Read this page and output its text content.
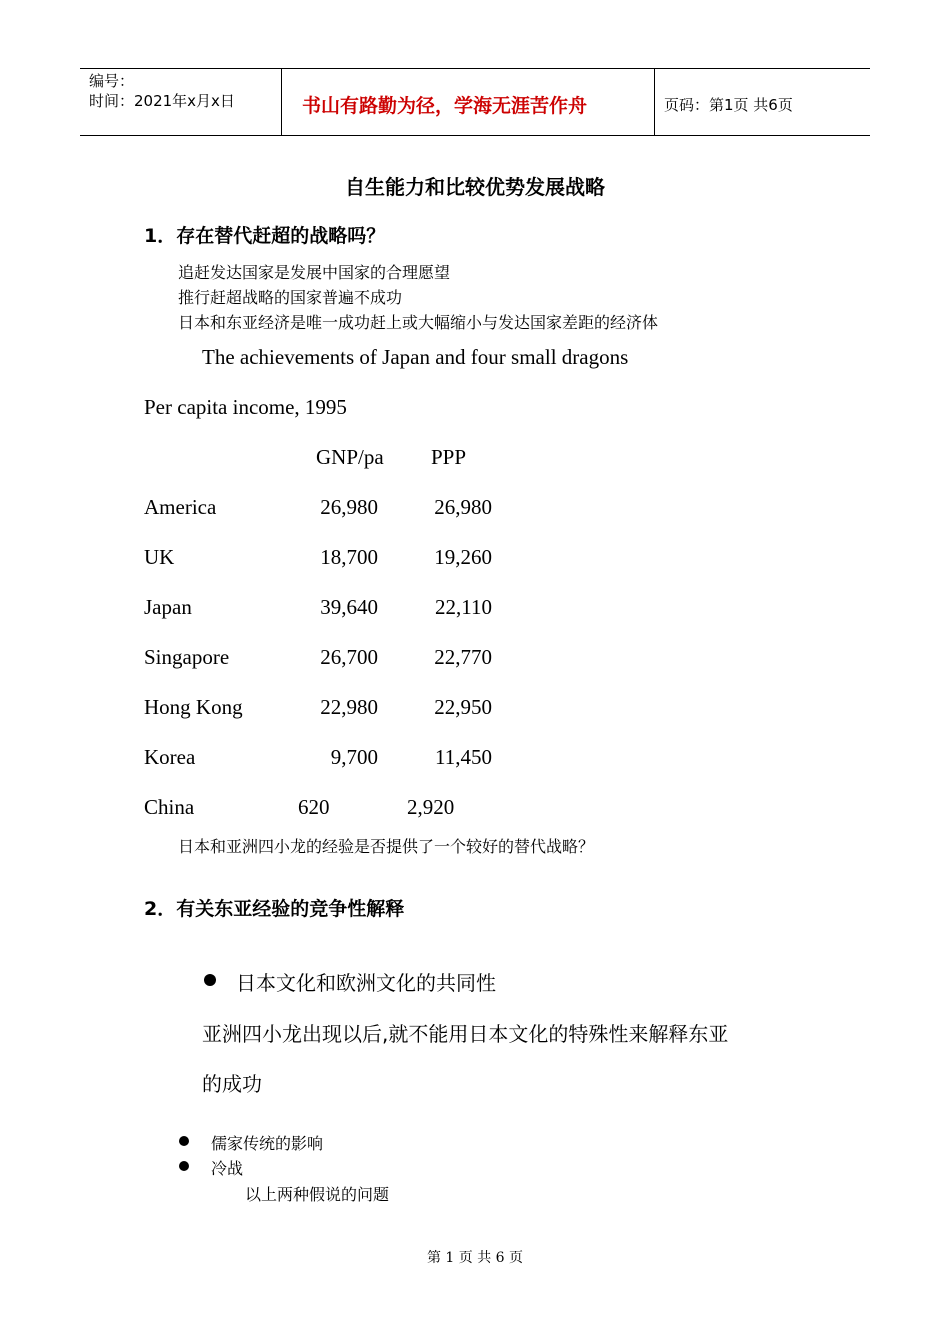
编号：
时间：2021年x月x日	书山有路勤为径，学海无涯苦作舟	页码：第1页 共6页
自生能力和比较优势发展战略
1．存在替代赶超的战略吗？
追赶发达国家是发展中国家的合理愿望
推行赶超战略的国家普遍不成功
日本和东亚经济是唯一成功赶上或大幅缩小与发达国家差距的经济体
The achievements of Japan and four small dragons
Per capita income, 1995
GNP/pa PPP
America	26,980	26,980
UK	18,700	19,260
Japan	39,640	22,110
Singapore	26,700	22,770
Hong Kong	22,980	22,950
Korea	9,700	11,450
China	620	2,920
日本和亚洲四小龙的经验是否提供了一个较好的替代战略？
2．有关东亚经验的竞争性解释
日本文化和欧洲文化的共同性
亚洲四小龙出现以后,就不能用日本文化的特殊性来解释东亚
的成功
儒家传统的影响
冷战
以上两种假说的问题
第 1 页 共 6 页
